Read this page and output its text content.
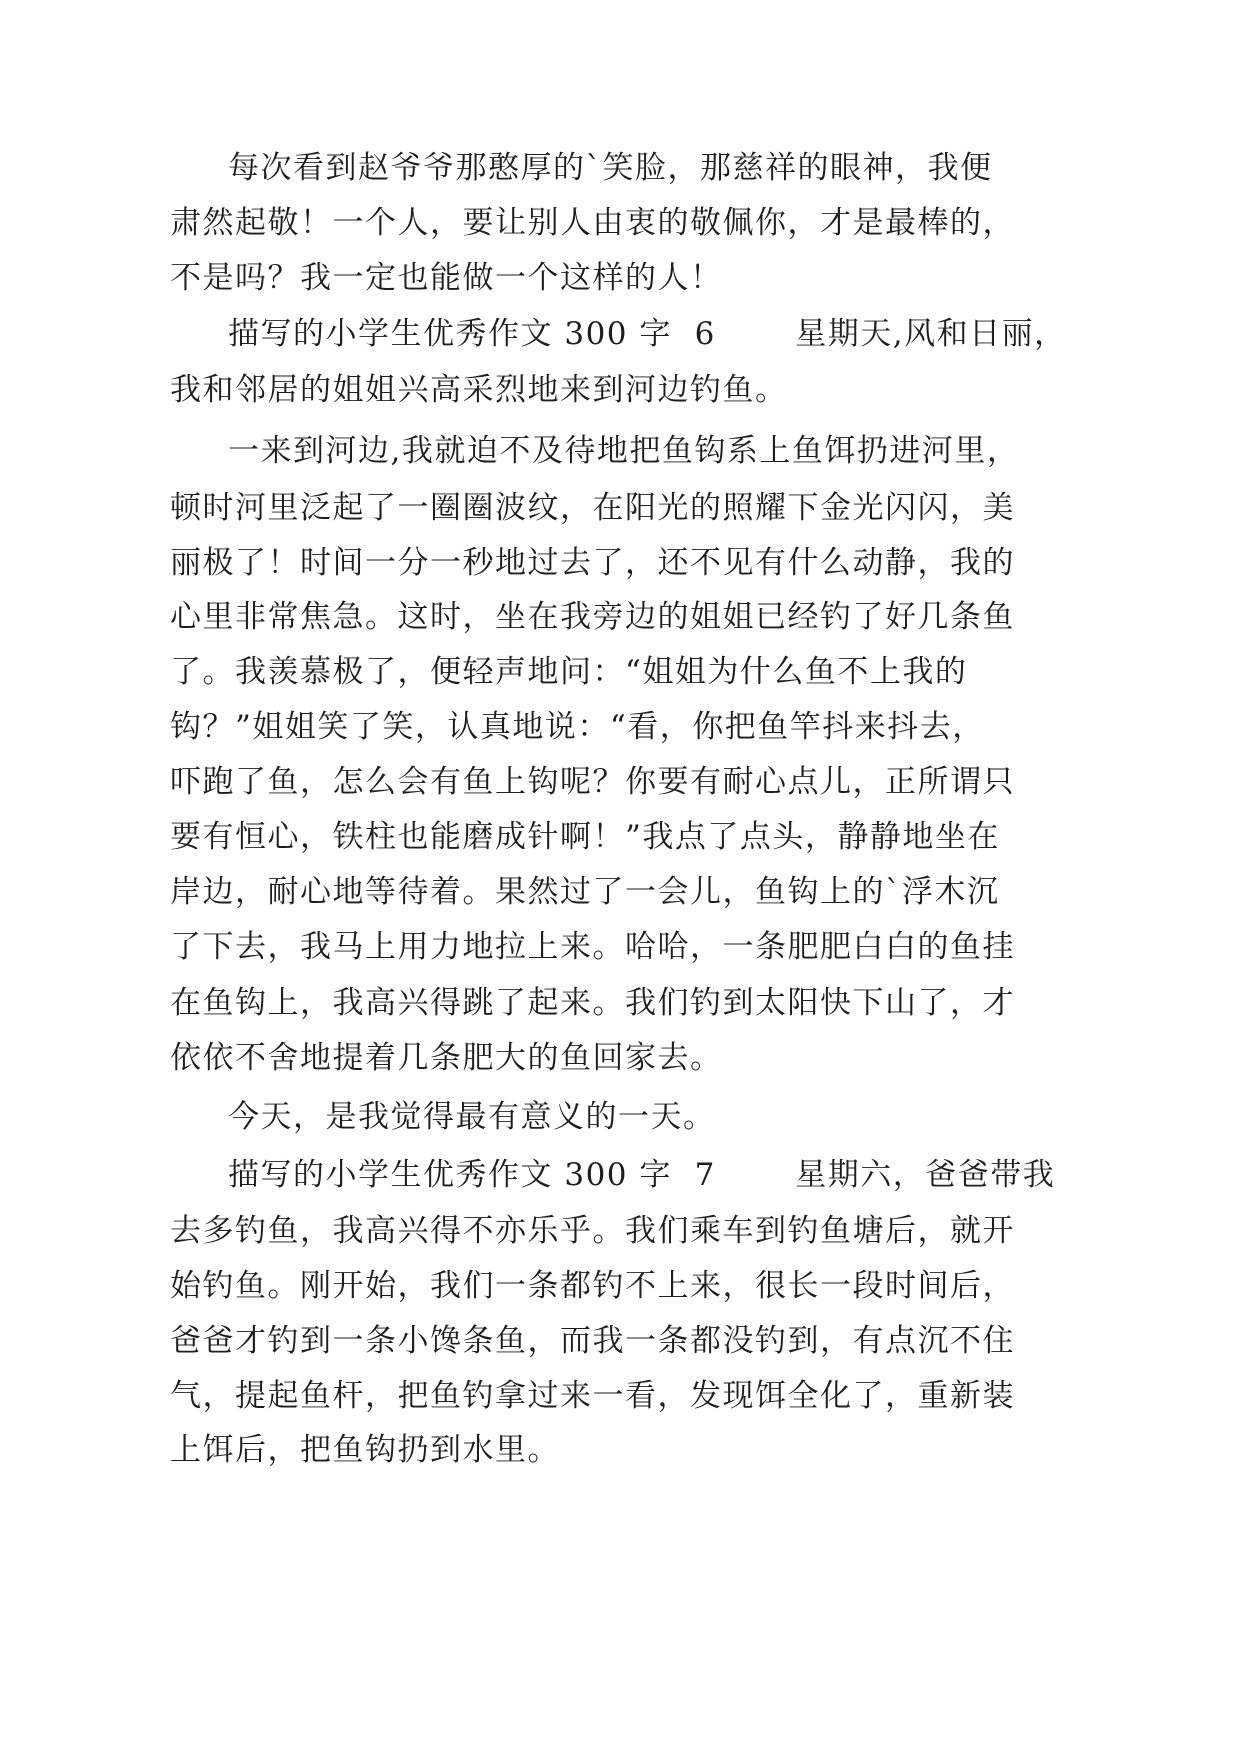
每次看到赵爷爷那憨厚的`笑脸，那慈祥的眼神，我便

肃然起敬！一个人，要让别人由衷的敬佩你，才是最棒的，

不是吗？我一定也能做一个这样的人！

描写的小学生优秀作文 300 字  6       星期天,风和日丽，

我和邻居的姐姐兴高采烈地来到河边钓鱼。

一来到河边,我就迫不及待地把鱼钩系上鱼饵扔进河里，

顿时河里泛起了一圈圈波纹，在阳光的照耀下金光闪闪，美

丽极了！时间一分一秒地过去了，还不见有什么动静，我的

心里非常焦急。这时，坐在我旁边的姐姐已经钓了好几条鱼

了。我羡慕极了，便轻声地问：“姐姐为什么鱼不上我的

钩？”姐姐笑了笑，认真地说：“看，你把鱼竿抖来抖去，

吓跑了鱼，怎么会有鱼上钩呢？你要有耐心点儿，正所谓只

要有恒心，铁柱也能磨成针啊！”我点了点头，静静地坐在

岸边，耐心地等待着。果然过了一会儿，鱼钩上的`浮木沉

了下去，我马上用力地拉上来。哈哈，一条肥肥白白的鱼挂

在鱼钩上，我高兴得跳了起来。我们钓到太阳快下山了，才

依依不舍地提着几条肥大的鱼回家去。

今天，是我觉得最有意义的一天。

描写的小学生优秀作文 300 字  7       星期六，爸爸带我

去多钓鱼，我高兴得不亦乐乎。我们乘车到钓鱼塘后，就开

始钓鱼。刚开始，我们一条都钓不上来，很长一段时间后，

爸爸才钓到一条小馋条鱼，而我一条都没钓到，有点沉不住

气，提起鱼杆，把鱼钓拿过来一看，发现饵全化了，重新装

上饵后，把鱼钩扔到水里。
